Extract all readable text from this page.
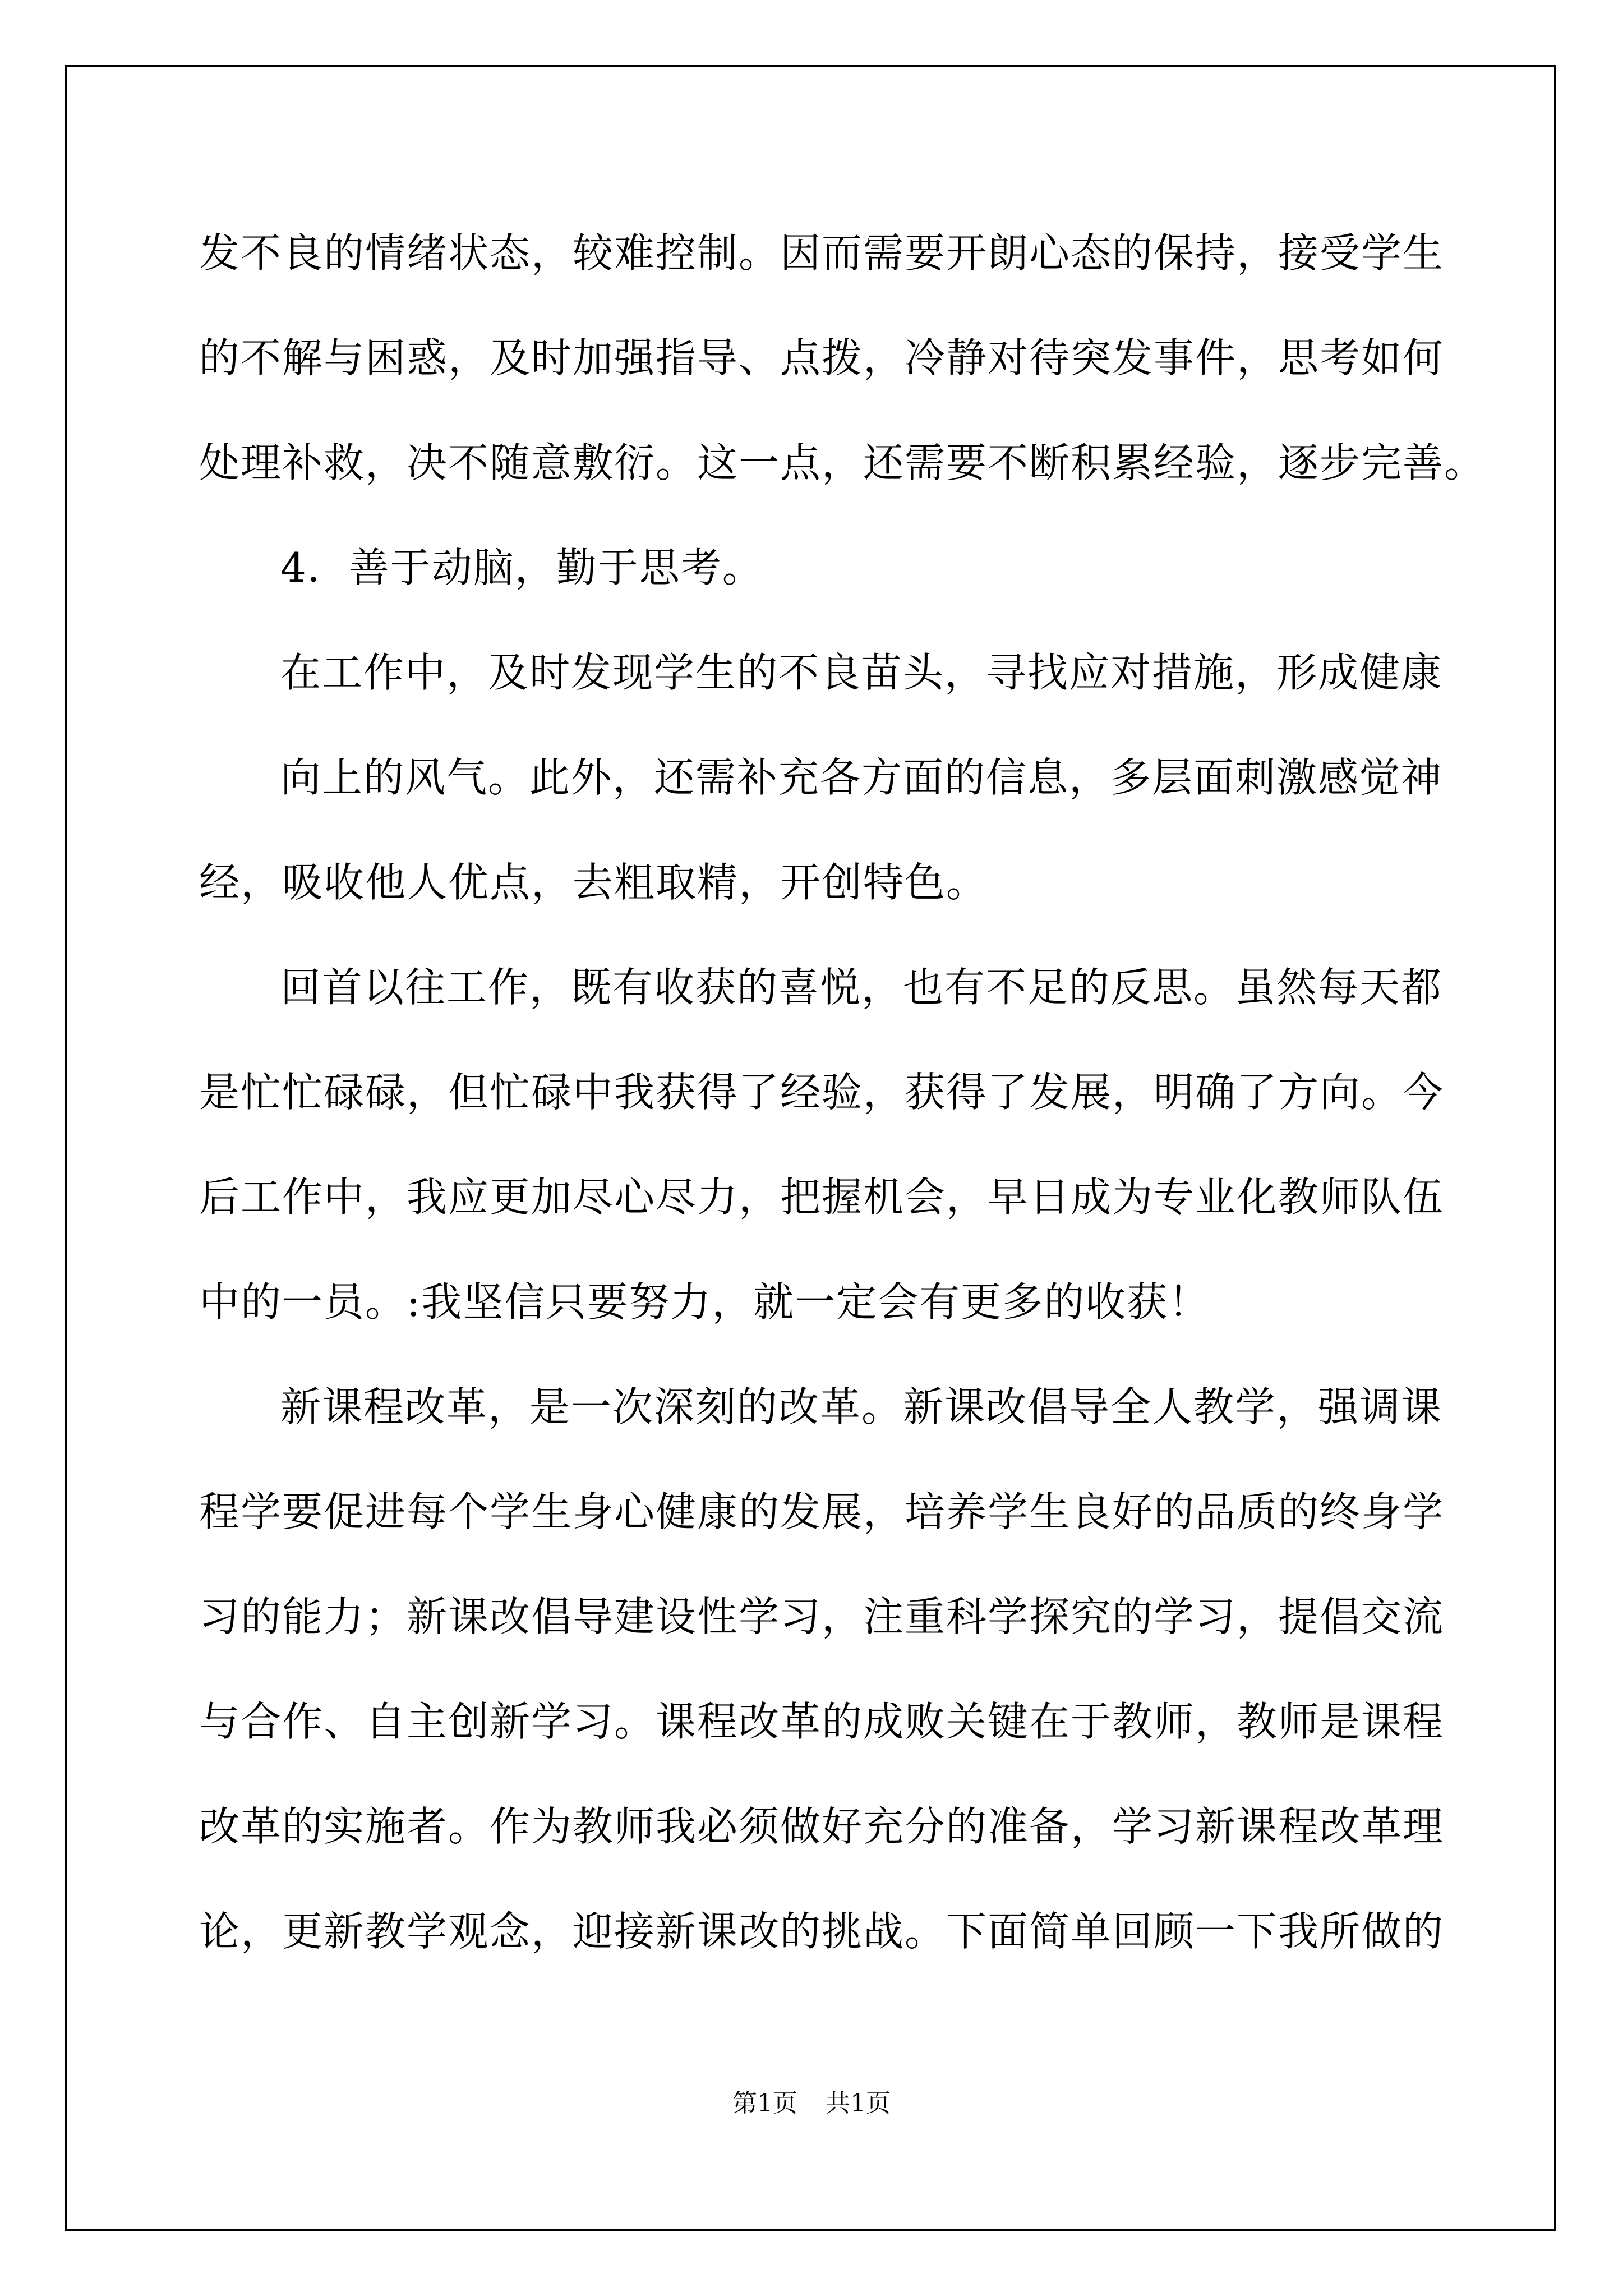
发不良的情绪状态，较难控制。因而需要开朗心态的保持，接受学生
的不解与困惑，及时加强指导、点拨，冷静对待突发事件，思考如何
处理补救，决不随意敷衍。这一点，还需要不断积累经验，逐步完善。
4．善于动脑，勤于思考。
在工作中，及时发现学生的不良苗头，寻找应对措施，形成健康
向上的风气。此外，还需补充各方面的信息，多层面刺激感觉神
经，吸收他人优点，去粗取精，开创特色。
回首以往工作，既有收获的喜悦，也有不足的反思。虽然每天都
是忙忙碌碌，但忙碌中我获得了经验，获得了发展，明确了方向。今
后工作中，我应更加尽心尽力，把握机会，早日成为专业化教师队伍
中的一员。:我坚信只要努力，就一定会有更多的收获！
新课程改革，是一次深刻的改革。新课改倡导全人教学，强调课
程学要促进每个学生身心健康的发展，培养学生良好的品质的终身学
习的能力；新课改倡导建设性学习，注重科学探究的学习，提倡交流
与合作、自主创新学习。课程改革的成败关键在于教师，教师是课程
改革的实施者。作为教师我必须做好充分的准备，学习新课程改革理
论，更新教学观念，迎接新课改的挑战。下面简单回顾一下我所做的
第1页 共1页
